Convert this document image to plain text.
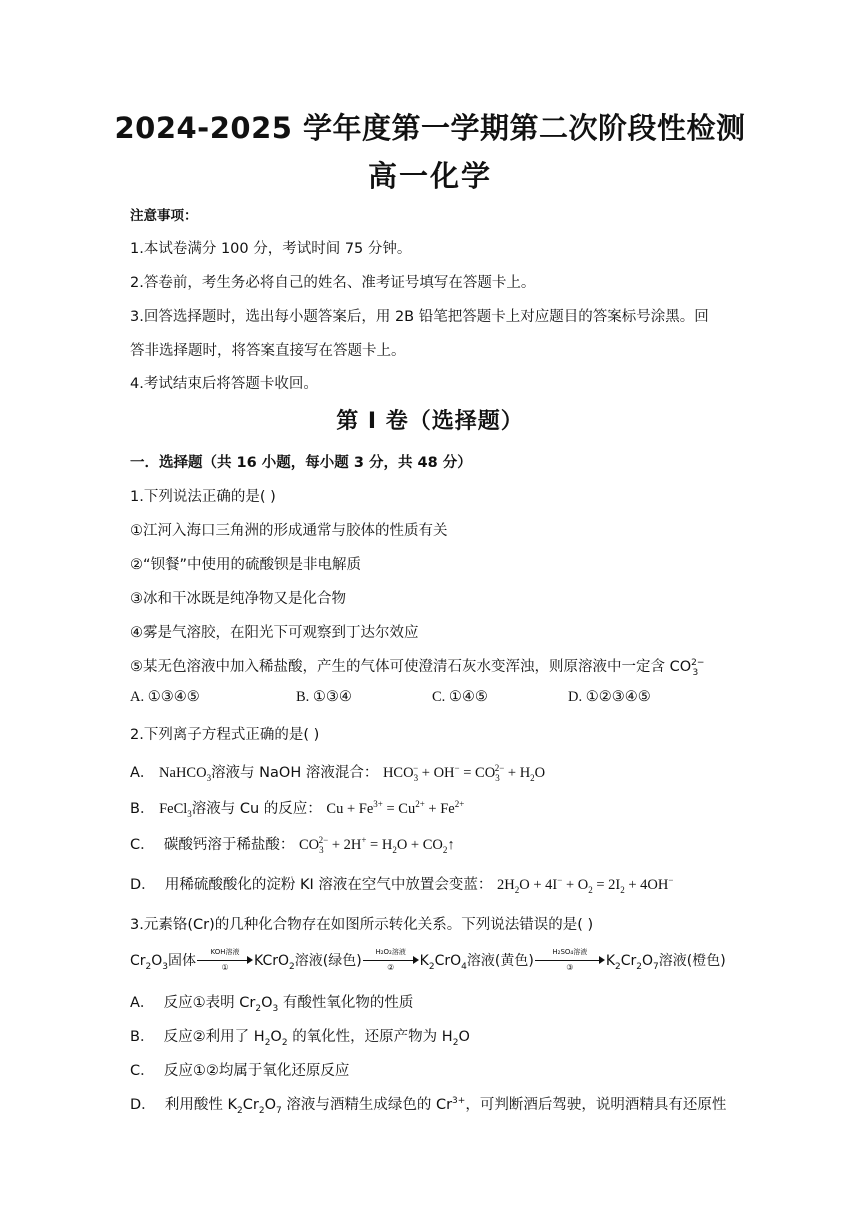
2024-2025 学年度第一学期第二次阶段性检测
高一化学
注意事项：
1.本试卷满分 100 分，考试时间 75 分钟。
2.答卷前，考生务必将自己的姓名、准考证号填写在答题卡上。
3.回答选择题时，选出每小题答案后，用 2B 铅笔把答题卡上对应题目的答案标号涂黑。回
答非选择题时，将答案直接写在答题卡上。
4.考试结束后将答题卡收回。
第 I 卷（选择题）
一．选择题（共 16 小题，每小题 3 分，共 48 分）
1.下列说法正确的是( )
①江河入海口三角洲的形成通常与胶体的性质有关
②“钡餐”中使用的硫酸钡是非电解质
③冰和干冰既是纯净物又是化合物
④雾是气溶胶，在阳光下可观察到丁达尔效应
⑤某无色溶液中加入稀盐酸，产生的气体可使澄清石灰水变浑浊，则原溶液中一定含 $CO^{2-}_3$
A. ①③④⑤	B. ①③④	C. ①④⑤	D. ①②③④⑤
2.下列离子方程式正确的是( )
A． NaHCO$_3$溶液与 NaOH 溶液混合： $HCO_3^- + OH^- = CO_3^{2-} + H_2O$
B． FeCl$_3$溶液与 Cu 的反应： $Cu + Fe^{3+} = Cu^{2+} + Fe^{2+}$
C． 碳酸钙溶于稀盐酸： $CO_3^{2-} + 2H^+ = H_2O$ + $CO_2↑$
D． 用稀硫酸酸化的淀粉 KI 溶液在空气中放置会变蓝： $2H_2O + 4I^- + O_2 = 2I_2 + 4OH^-$
3.元素铬(Cr)的几种化合物存在如图所示转化关系。下列说法错误的是( )
$Cr_2O_3$固体
KOH溶液
①	KCrO$_2$溶液(绿色)
H₂O₂溶液
②	$K_2CrO_4$溶液(黄色)
H₂SO₄溶液
③	$K_2Cr_2O_7$溶液(橙色)
A． 反应①表明 $Cr_2O_3$ 有酸性氧化物的性质
B． 反应②利用了 $H_2O_2$ 的氧化性，还原产物为 $H_2O$
C． 反应①②均属于氧化还原反应
D． 利用酸性 $K_2Cr_2O_7$ 溶液与酒精生成绿色的 $Cr^{3+}$，可判断酒后驾驶，说明酒精具有还原性
